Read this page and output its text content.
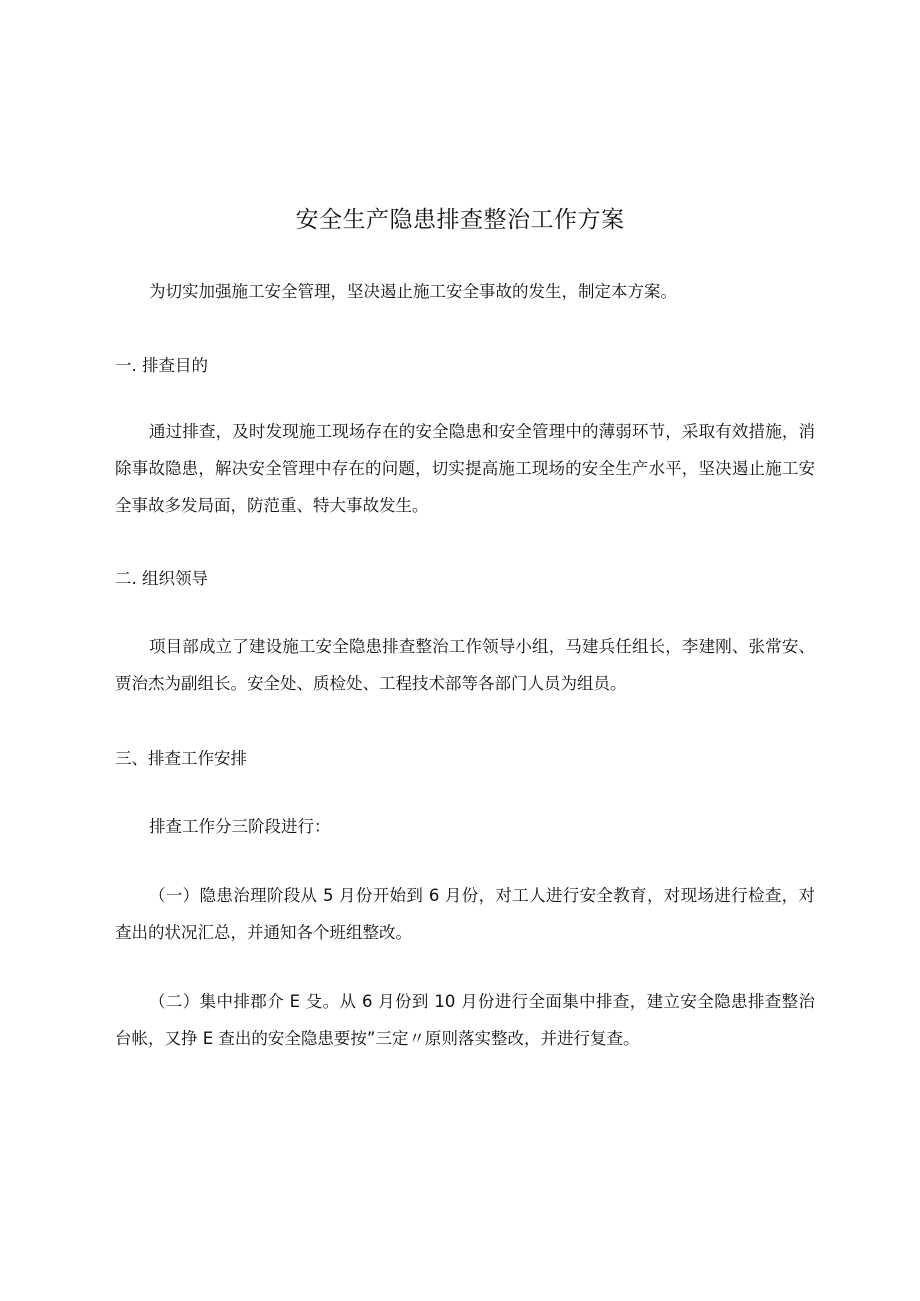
安全生产隐患排查整治工作方案
为切实加强施工安全管理，坚决遏止施工安全事故的发生，制定本方案。
一. 排查目的
通过排查，及时发现施工现场存在的安全隐患和安全管理中的薄弱环节，采取有效措施，消除事故隐患，解决安全管理中存在的问题，切实提高施工现场的安全生产水平，坚决遏止施工安全事故多发局面，防范重、特大事故发生。
二. 组织领导
项目部成立了建设施工安全隐患排查整治工作领导小组，马建兵任组长，李建刚、张常安、贾治杰为副组长。安全处、质检处、工程技术部等各部门人员为组员。
三、排查工作安排
排查工作分三阶段进行：
（一）隐患治理阶段从 5 月份开始到 6 月份，对工人进行安全教育，对现场进行检查，对查出的状况汇总，并通知各个班组整改。
（二）集中排郡介 E 殳。从 6 月份到 10 月份进行全面集中排查，建立安全隐患排查整治台帐，又挣 E 查出的安全隐患要按”三定〃原则落实整改，并进行复查。
